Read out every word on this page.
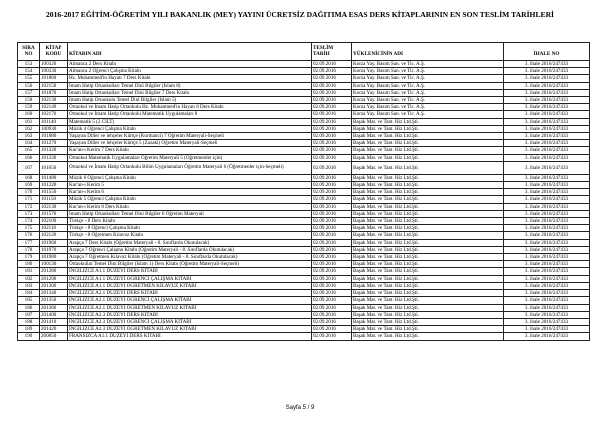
2016-2017 EĞİTİM-ÖĞRETİM YILI BAKANLIK (MEY) YAYINI ÜCRETSİZ DAĞITIMA ESAS DERS KİTAPLARININ EN SON TESLİM TARİHLERİ
SIRA
NO	KİTAP
KODU	KİTABIN ADI	TESLİM
TARİH	YÜKLENİCİNİN ADI	İHALE NO
153	100320	Almanca 2 Ders Kitabı	02.09.2016	Korza Yay. Basım San. ve Tic. A.Ş.	3. ihale 2016/247433
154	100330	Almanca 2 Öğrenci Çalışma Kitabı	02.09.2016	Korza Yay. Basım San. ve Tic. A.Ş.	3. ihale 2016/247433
155	101860	Hz. Muhammed'in Hayatı 7 Ders Kitabı	02.09.2016	Korza Yay. Basım San. ve Tic. A.Ş.	3. ihale 2016/247433
156	102150	İmam Hatip Ortaokulları Temel Dinî Bilgiler (İslam 8)	02.09.2016	Korza Yay. Basım San. ve Tic. A.Ş.	3. ihale 2016/247433
157	101870	İmam Hatip Ortaokulları Temel Dini Bilgiler 7 Ders Kitabı	02.09.2016	Korza Yay. Basım San. ve Tic. A.Ş.	3. ihale 2016/247433
158	102130	İmam Hatip Ortaokulu Temel Dinî Bilgiler (İslam 5)	02.09.2016	Korza Yay. Basım San. ve Tic. A.Ş.	3. ihale 2016/247433
159	102140	Ortaokul ve İmam Hatip Ortaokulu Hz. Muhammed'in Hayatı 8 Ders Kitabı	02.09.2016	Korza Yay. Basım San. ve Tic. A.Ş.	3. ihale 2016/247433
160	102170	Ortaokul ve İmam Hatip Ortaokulu Matematik Uygulamaları 8	02.09.2016	Korza Yay. Basım San. ve Tic. A.Ş.	3. ihale 2016/247433
161	101140	Matematik 5 (2 CİLT)	02.09.2016	Başak Mat. ve Tant. Hiz Ltd.Şti.	3. ihale 2016/247433
162	100930	Müzik 4 Öğrenci Çalışma Kitabı	02.09.2016	Başak Mat. ve Tant. Hiz Ltd.Şti.	3. ihale 2016/247433
163	101880	Yaşayan Diller ve lehçeler Kürtçe (Kurmanci) 7 Öğretim Materyali-Seçmeli	02.09.2016	Başak Mat. ve Tant. Hiz Ltd.Şti.	3. ihale 2016/247433
164	101270	Yaşayan Diller ve lehçeler Kürtçe 5 (Zazaki) Öğretim Materyali-Seçmeli	02.09.2016	Başak Mat. ve Tant. Hiz Ltd.Şti.	3. ihale 2016/247433
165	101320	Kur'an-ı Kerim 7 Ders Kitabı	02.09.2016	Başak Mat. ve Tant. Hiz Ltd.Şti.	3. ihale 2016/247433
166	101330	Ortaokul Matematik Uygulamaları Öğretim Materyali 5 (Öğretmenler için)	02.09.2016	Başak Mat. ve Tant. Hiz Ltd.Şti.	3. ihale 2016/247433
167	101650	Ortaokul ve İmam Hatip Ortaokulu Bilim Uygulamaları Öğretim Materyali 6 (Öğretmenler için-Seçmeli)	02.09.2016	Başak Mat. ve Tant. Hiz Ltd.Şti.	3. ihale 2016/247433
168	101480	Müzik 6 Öğrenci Çalışma Kitabı	02.09.2016	Başak Mat. ve Tant. Hiz Ltd.Şti.	3. ihale 2016/247433
169	101220	Kur'an-ı Kerim 5	02.09.2016	Başak Mat. ve Tant. Hiz Ltd.Şti.	3. ihale 2016/247433
170	101550	Kur'an-ı Kerim 6	02.09.2016	Başak Mat. ve Tant. Hiz Ltd.Şti.	3. ihale 2016/247433
171	101150	Müzik 5 Öğrenci Çalışma Kitabı	02.09.2016	Başak Mat. ve Tant. Hiz Ltd.Şti.	3. ihale 2016/247433
172	102130	Kur'an-ı Kerim 8 Ders Kitabı	02.09.2016	Başak Mat. ve Tant. Hiz Ltd.Şti.	3. ihale 2016/247433
173	101570	İmam Hatip Ortaokulları Temel Dini Bilgiler 6 Öğretim Materyali	02.09.2016	Başak Mat. ve Tant. Hiz Ltd.Şti.	3. ihale 2016/247433
174	102100	Türkçe - 8 Ders Kitabı	02.09.2016	Başak Mat. ve Tant. Hiz Ltd.Şti.	3. ihale 2016/247433
175	102110	Türkçe - 8 Öğrenci Çalışma Kitabı	02.09.2016	Başak Mat. ve Tant. Hiz Ltd.Şti.	3. ihale 2016/247433
176	102120	Türkçe - 8 Öğretmen Kılavuz Kitabı	02.09.2016	Başak Mat. ve Tant. Hiz Ltd.Şti.	3. ihale 2016/247433
177	101960	Arapça 7 Ders Kitabı (Öğretim Materyali - 8. Sınıflarda Okutulacak)	02.09.2016	Başak Mat. ve Tant. Hiz Ltd.Şti.	3. ihale 2016/247433
178	101970	Arapça 7 Öğrenci Çalışma Kitabı (Öğretim Materyali - 8. Sınıflarda Okutulacak)	02.09.2016	Başak Mat. ve Tant. Hiz Ltd.Şti.	3. ihale 2016/247433
179	101980	Arapça 7 Öğretmen Kılavuz Kitabı (Öğretim Materyali - 8. Sınıflarda Okutulacak)	02.09.2016	Başak Mat. ve Tant. Hiz Ltd.Şti.	3. ihale 2016/247433
180	100130	Ortaokullar Temel Dini Bilgiler (İslam 1) Ders Kitabı (Öğretim Materyali-Seçmeli)	02.09.2016	Başak Mat. ve Tant. Hiz Ltd.Şti.	3. ihale 2016/247433
181	201280	İNGİLİZCE A1.1 DÜZEYİ DERS KİTABI	02.09.2016	Başak Mat. ve Tant. Hiz Ltd.Şti.	3. ihale 2016/247433
182	201290	İNGİLİZCE A1.1 DÜZEYİ ÖĞRENCİ ÇALIŞMA KİTABI	02.09.2016	Başak Mat. ve Tant. Hiz Ltd.Şti.	3. ihale 2016/247433
183	201300	İNGİLİZCE A1.1 DÜZEYİ ÖĞRETMEN KILAVUZ KİTABI	02.09.2016	Başak Mat. ve Tant. Hiz Ltd.Şti.	3. ihale 2016/247433
184	201340	İNGİLİZCE A2.1 DÜZEYİ DERS KİTABI	02.09.2016	Başak Mat. ve Tant. Hiz Ltd.Şti.	3. ihale 2016/247433
185	201350	İNGİLİZCE A2.1 DÜZEYİ ÖĞRENCİ ÇALIŞMA KİTABI	02.09.2016	Başak Mat. ve Tant. Hiz Ltd.Şti.	3. ihale 2016/247433
186	201360	İNGİLİZCE A2.1 DÜZEYİ ÖĞRETMEN KILAVUZ KİTABI	02.09.2016	Başak Mat. ve Tant. Hiz Ltd.Şti.	3. ihale 2016/247433
187	201400	İNGİLİZCE A2.3 DÜZEYİ DERS KİTABI	02.09.2016	Başak Mat. ve Tant. Hiz Ltd.Şti.	3. ihale 2016/247433
188	201410	İNGİLİZCE A2.3 DÜZEYİ ÖĞRENCİ ÇALIŞMA KİTABI	02.09.2016	Başak Mat. ve Tant. Hiz Ltd.Şti.	3. ihale 2016/247433
189	201420	İNGİLİZCE A2.3 DÜZEYİ ÖĞRETMEN KILAVUZ KİTABI	02.09.2016	Başak Mat. ve Tant. Hiz Ltd.Şti.	3. ihale 2016/247433
190	200850	FRANSIZCA A1.1 DÜZEYİ DERS KİTABI	02.09.2016	Başak Mat. ve Tant. Hiz Ltd.Şti.	3. ihale 2016/247433
Sayfa 5 / 9
